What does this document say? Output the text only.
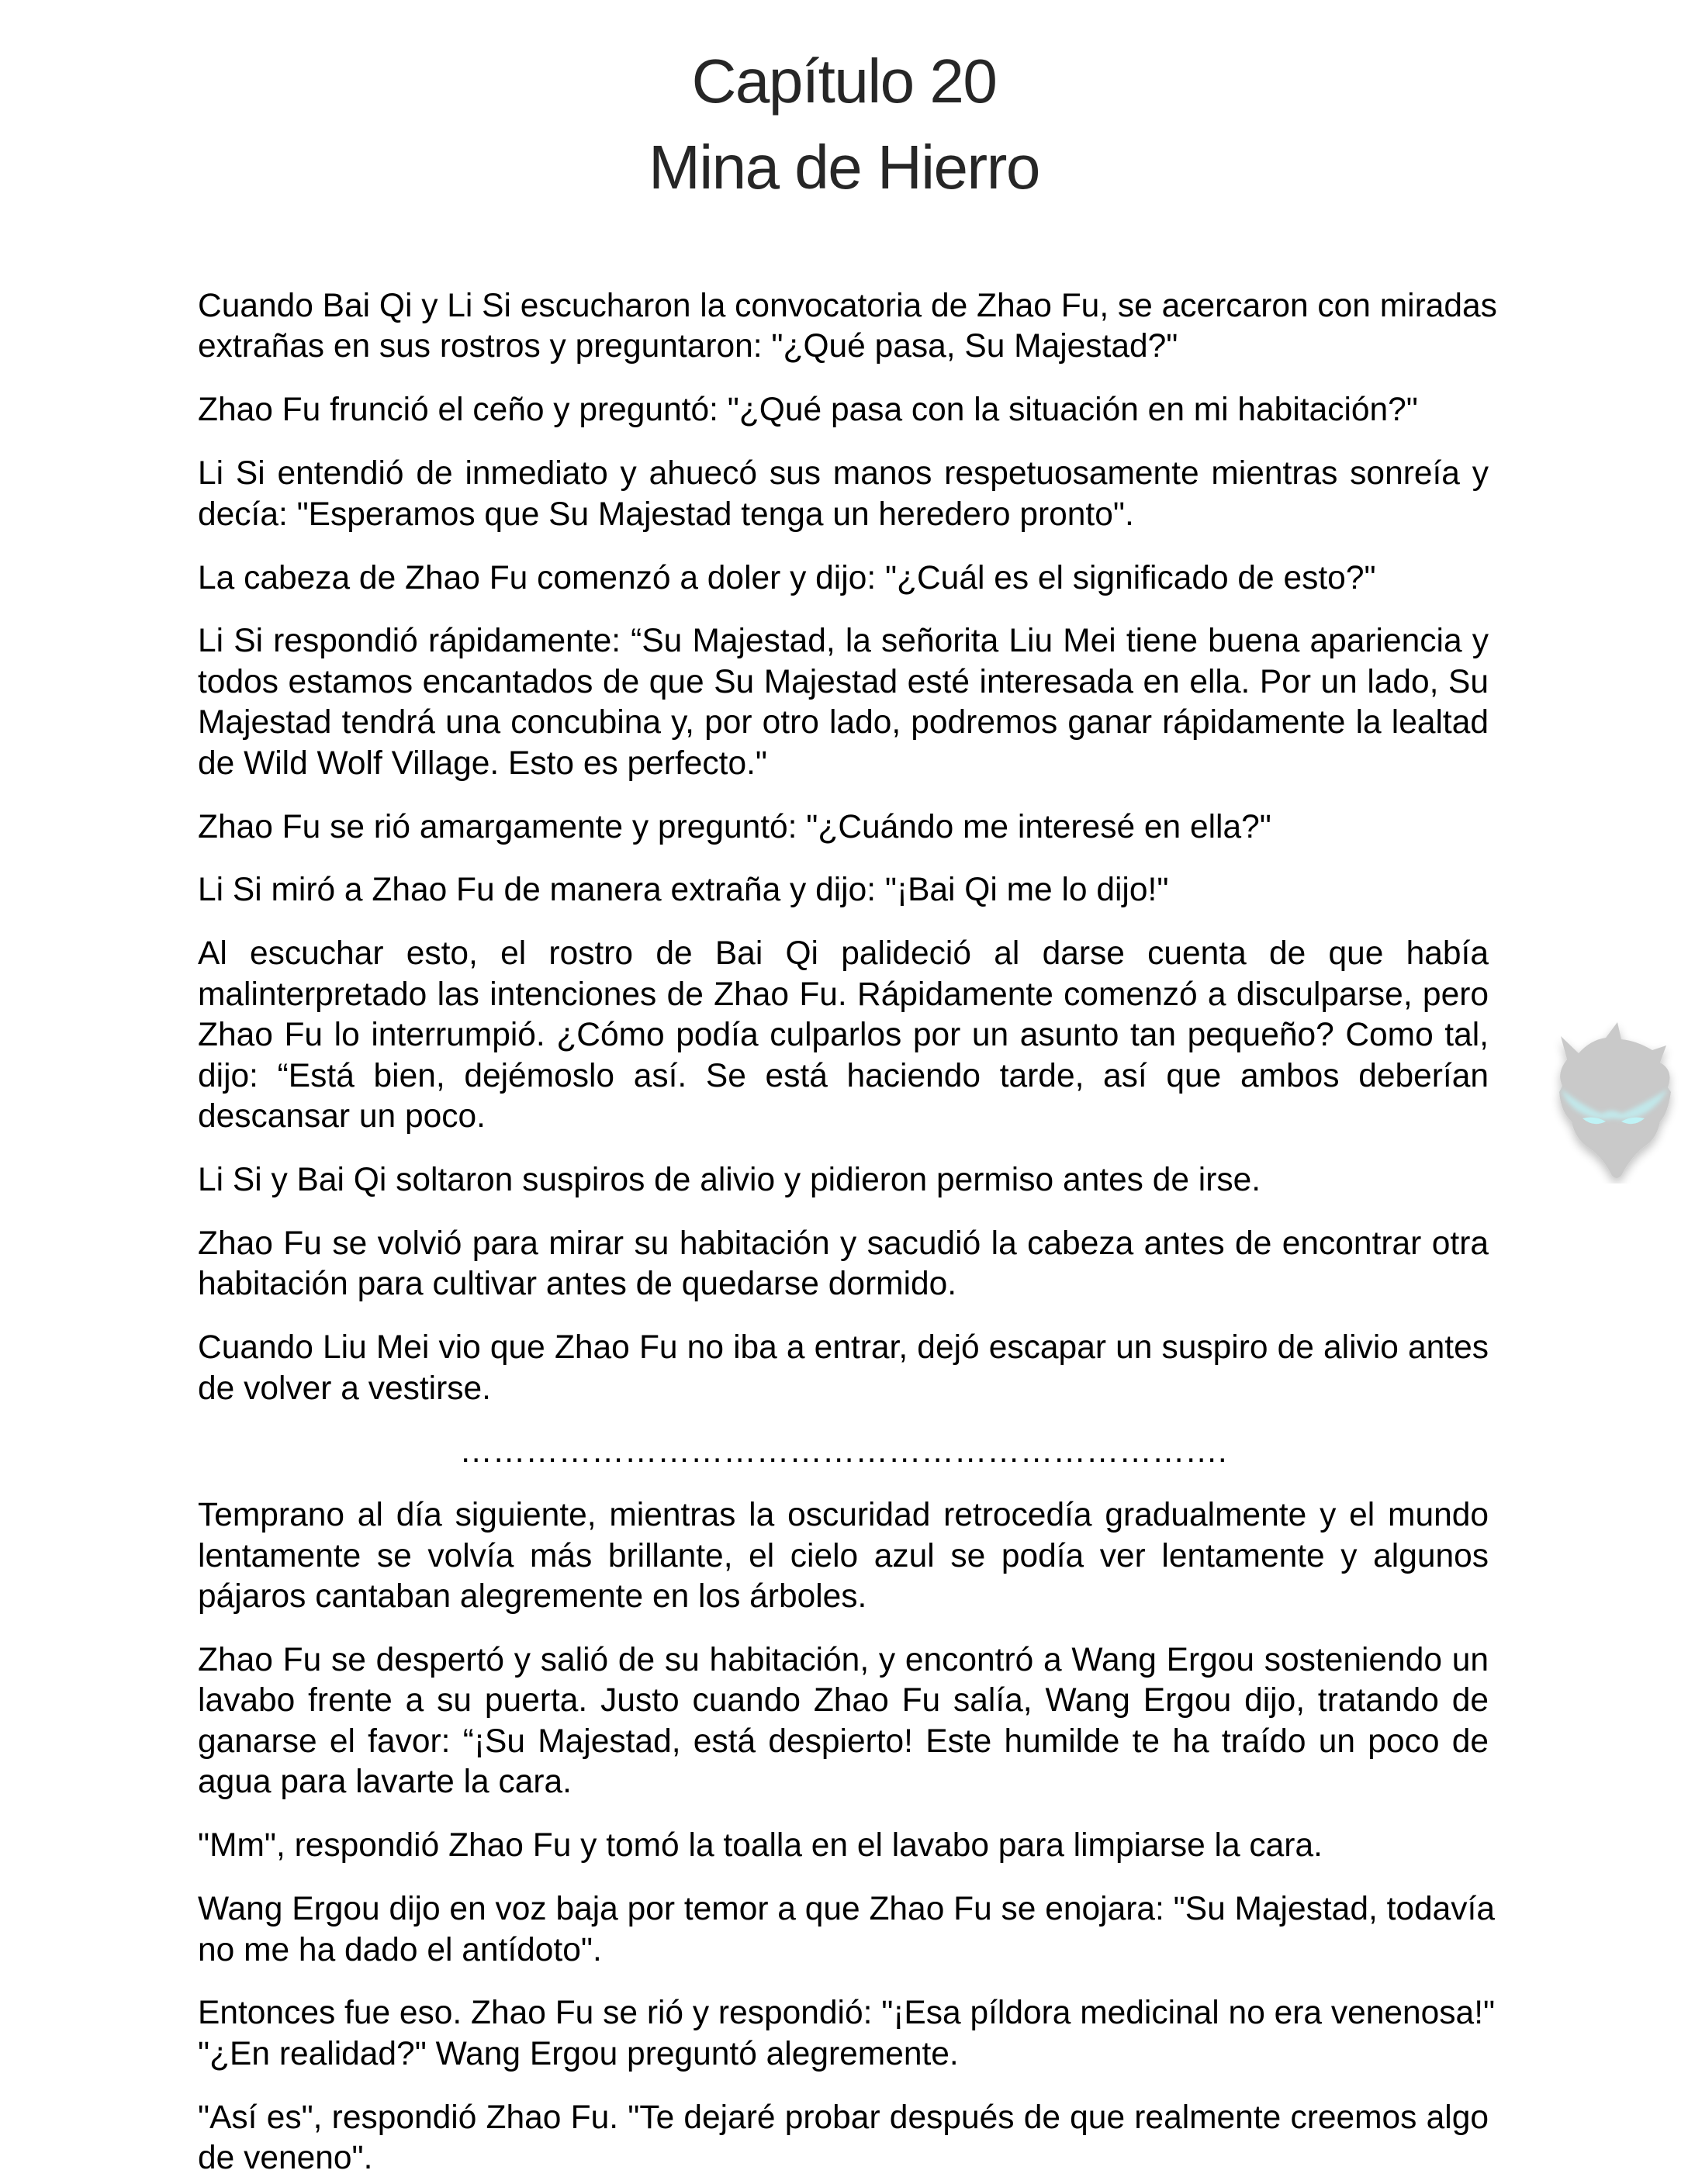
Capítulo 20
Mina de Hierro
Cuando Bai Qi y Li Si escucharon la convocatoria de Zhao Fu, se acercaron con miradas
extrañas en sus rostros y preguntaron: "¿Qué pasa, Su Majestad?"
Zhao Fu frunció el ceño y preguntó: "¿Qué pasa con la situación en mi habitación?"
Li Si entendió de inmediato y ahuecó sus manos respetuosamente mientras sonreía y
decía: "Esperamos que Su Majestad tenga un heredero pronto".
La cabeza de Zhao Fu comenzó a doler y dijo: "¿Cuál es el significado de esto?"
Li Si respondió rápidamente: “Su Majestad, la señorita Liu Mei tiene buena apariencia y
todos estamos encantados de que Su Majestad esté interesada en ella. Por un lado, Su
Majestad tendrá una concubina y, por otro lado, podremos ganar rápidamente la lealtad
de Wild Wolf Village. Esto es perfecto."
Zhao Fu se rió amargamente y preguntó: "¿Cuándo me interesé en ella?"
Li Si miró a Zhao Fu de manera extraña y dijo: "¡Bai Qi me lo dijo!"
Al escuchar esto, el rostro de Bai Qi palideció al darse cuenta de que había
malinterpretado las intenciones de Zhao Fu. Rápidamente comenzó a disculparse, pero
Zhao Fu lo interrumpió. ¿Cómo podía culparlos por un asunto tan pequeño? Como tal,
dijo: “Está bien, dejémoslo así. Se está haciendo tarde, así que ambos deberían
descansar un poco.
Li Si y Bai Qi soltaron suspiros de alivio y pidieron permiso antes de irse.
Zhao Fu se volvió para mirar su habitación y sacudió la cabeza antes de encontrar otra
habitación para cultivar antes de quedarse dormido.
Cuando Liu Mei vio que Zhao Fu no iba a entrar, dejó escapar un suspiro de alivio antes
de volver a vestirse.
…………………………………………………………….
Temprano al día siguiente, mientras la oscuridad retrocedía gradualmente y el mundo
lentamente se volvía más brillante, el cielo azul se podía ver lentamente y algunos
pájaros cantaban alegremente en los árboles.
Zhao Fu se despertó y salió de su habitación, y encontró a Wang Ergou sosteniendo un
lavabo frente a su puerta. Justo cuando Zhao Fu salía, Wang Ergou dijo, tratando de
ganarse el favor: “¡Su Majestad, está despierto! Este humilde te ha traído un poco de
agua para lavarte la cara.
"Mm", respondió Zhao Fu y tomó la toalla en el lavabo para limpiarse la cara.
Wang Ergou dijo en voz baja por temor a que Zhao Fu se enojara: "Su Majestad, todavía
no me ha dado el antídoto".
Entonces fue eso. Zhao Fu se rió y respondió: "¡Esa píldora medicinal no era venenosa!"
"¿En realidad?" Wang Ergou preguntó alegremente.
"Así es", respondió Zhao Fu. "Te dejaré probar después de que realmente creemos algo
de veneno".
